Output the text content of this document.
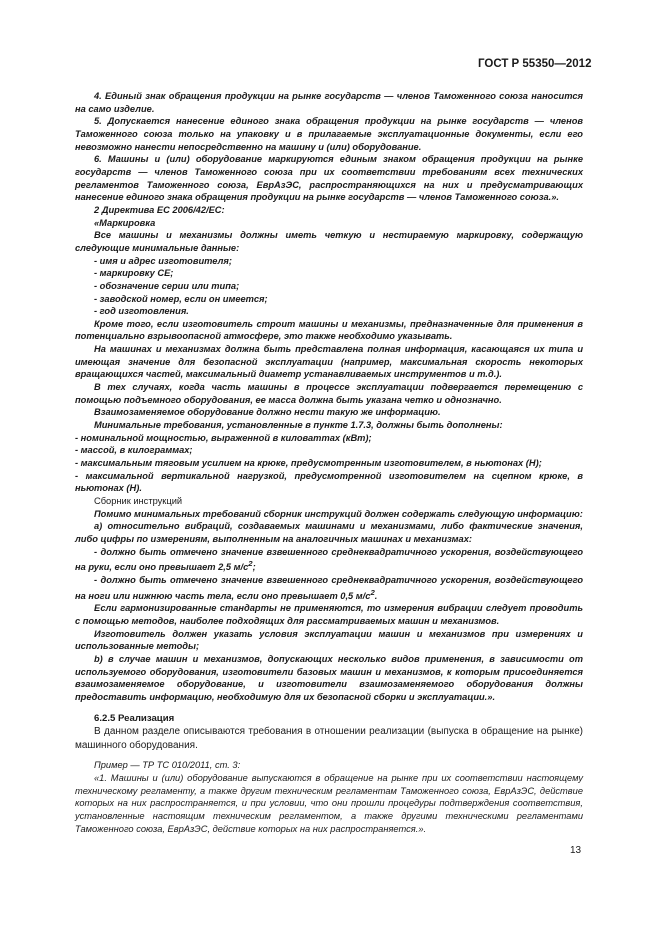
ГОСТ Р 55350—2012

4. Единый знак обращения продукции на рынке государств — членов Таможенного союза наносится на само изделие.

5. Допускается нанесение единого знака обращения продукции на рынке государств — членов Таможенного союза только на упаковку и в прилагаемые эксплуатационные документы, если его невозможно нанести непосредственно на машину и (или) оборудование.

6. Машины и (или) оборудование маркируются единым знаком обращения продукции на рынке государств — членов Таможенного союза при их соответствии требованиям всех технических регламентов Таможенного союза, ЕврАзЭС, распространяющихся на них и предусматривающих нанесение единого знака обращения продукции на рынке государств — членов Таможенного союза.».

2 Директива ЕС 2006/42/ЕС:

«Маркировка

Все машины и механизмы должны иметь четкую и нестираемую маркировку, содержащую следующие минимальные данные:

- имя и адрес изготовителя;

- маркировку СЕ;

- обозначение серии или типа;

- заводской номер, если он имеется;

- год изготовления.

Кроме того, если изготовитель строит машины и механизмы, предназначенные для применения в потенциально взрывоопасной атмосфере, это также необходимо указывать.

На машинах и механизмах должна быть представлена полная информация, касающаяся их типа и имеющая значение для безопасной эксплуатации (например, максимальная скорость некоторых вращающихся частей, максимальный диаметр устанавливаемых инструментов и т.д.).

В тех случаях, когда часть машины в процессе эксплуатации подвергается перемещению с помощью подъемного оборудования, ее масса должна быть указана четко и однозначно.

Взаимозаменяемое оборудование должно нести такую же информацию.

Минимальные требования, установленные в пункте 1.7.3, должны быть дополнены:

- номинальной мощностью, выраженной в киловаттах (кВт);

- массой, в килограммах;

- максимальным тяговым усилием на крюке, предусмотренным изготовителем, в ньютонах (Н);

- максимальной вертикальной нагрузкой, предусмотренной изготовителем на сцепном крюке, в ньютонах (Н).

Сборник инструкций

Помимо минимальных требований сборник инструкций должен содержать следующую информацию:

а) относительно вибраций, создаваемых машинами и механизмами, либо фактические значения, либо цифры по измерениям, выполненным на аналогичных машинах и механизмах:

- должно быть отмечено значение взвешенного среднеквадратичного ускорения, воздействующего на руки, если оно превышает 2,5 $м/с^2$;

- должно быть отмечено значение взвешенного среднеквадратичного ускорения, воздействующего на ноги или нижнюю часть тела, если оно превышает 0,5 $м/с^2$.

Если гармонизированные стандарты не применяются, то измерения вибрации следует проводить с помощью методов, наиболее подходящих для рассматриваемых машин и механизмов.

Изготовитель должен указать условия эксплуатации машин и механизмов при измерениях и использованные методы;

b) в случае машин и механизмов, допускающих несколько видов применения, в зависимости от используемого оборудования, изготовители базовых машин и механизмов, к которым присоединяется взаимозаменяемое оборудование, и изготовители взаимозаменяемого оборудования должны предоставить информацию, необходимую для их безопасной сборки и эксплуатации.».

6.2.5 Реализация

В данном разделе описываются требования в отношении реализации (выпуска в обращение на рынке) машинного оборудования.

Пример — ТР ТС 010/2011, ст. 3:

«1. Машины и (или) оборудование выпускаются в обращение на рынке при их соответствии настоящему техническому регламенту, а также другим техническим регламентам Таможенного союза, ЕврАзЭС, действие которых на них распространяется, и при условии, что они прошли процедуры подтверждения соответствия, установленные настоящим техническим регламентом, а также другими техническими регламентами Таможенного союза, ЕврАзЭС, действие которых на них распространяется.».

13
